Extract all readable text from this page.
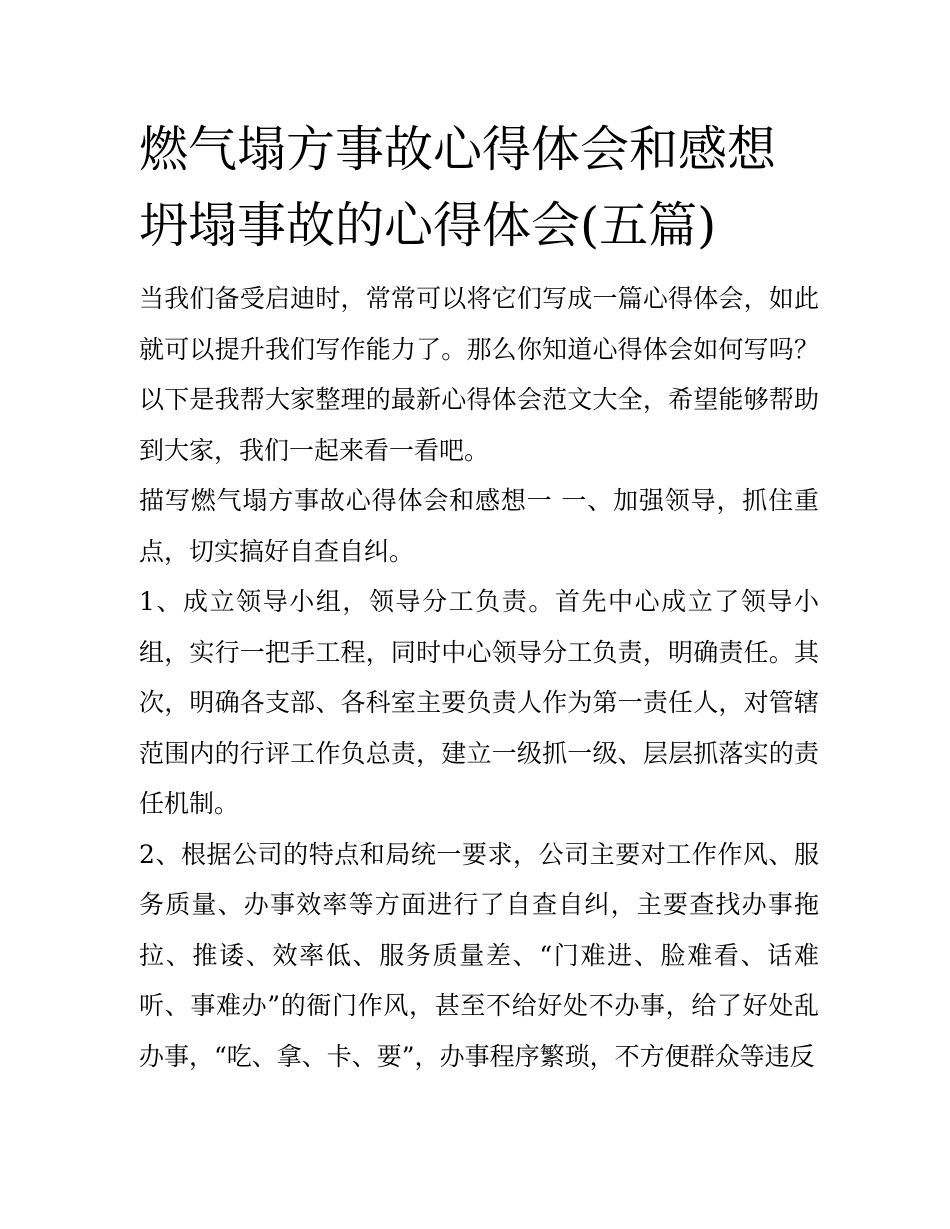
燃气塌方事故心得体会和感想坍塌事故的心得体会(五篇)

当我们备受启迪时，常常可以将它们写成一篇心得体会，如此就可以提升我们写作能力了。那么你知道心得体会如何写吗？以下是我帮大家整理的最新心得体会范文大全，希望能够帮助到大家，我们一起来看一看吧。

描写燃气塌方事故心得体会和感想一 一、加强领导，抓住重点，切实搞好自查自纠。

1、成立领导小组，领导分工负责。首先中心成立了领导小组，实行一把手工程，同时中心领导分工负责，明确责任。其次，明确各支部、各科室主要负责人作为第一责任人，对管辖范围内的行评工作负总责，建立一级抓一级、层层抓落实的责任机制。

2、根据公司的特点和局统一要求，公司主要对工作作风、服务质量、办事效率等方面进行了自查自纠，主要查找办事拖拉、推诿、效率低、服务质量差、“门难进、脸难看、话难听、事难办”的衙门作风，甚至不给好处不办事，给了好处乱办事，“吃、拿、卡、要”，办事程序繁琐，不方便群众等违反
